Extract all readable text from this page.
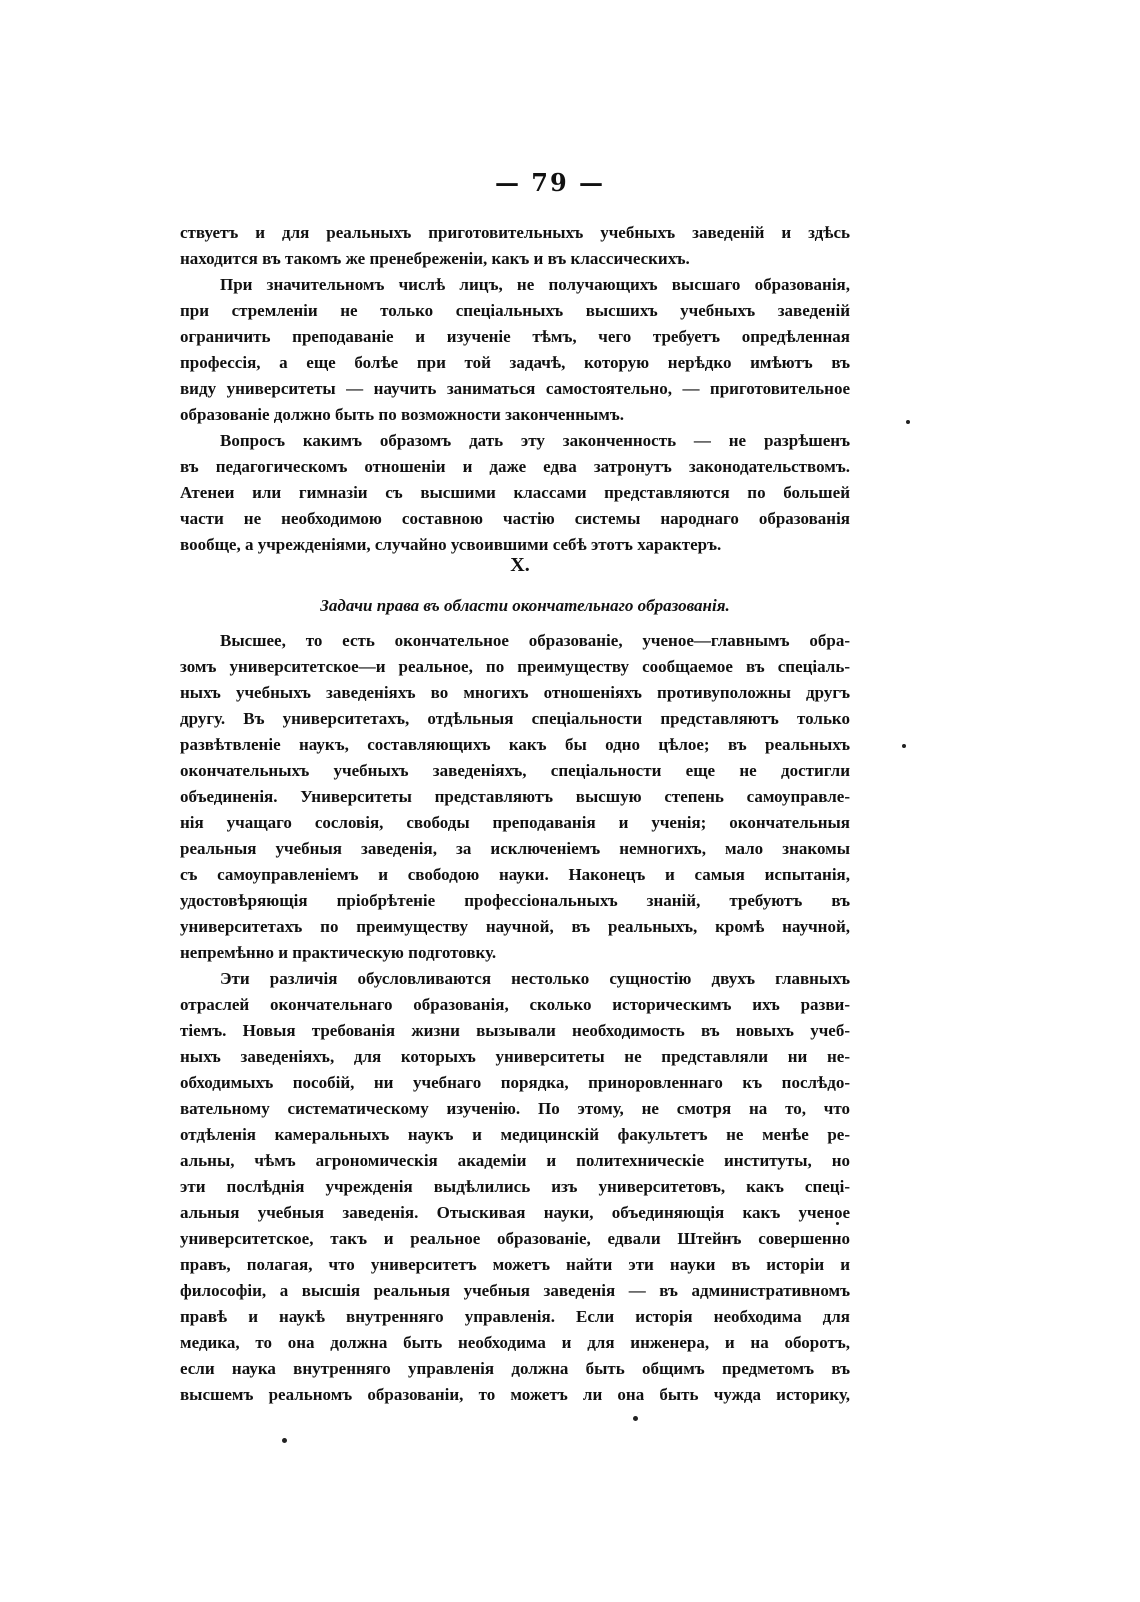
— 79 —
ствуетъ и для реальныхъ приготовительныхъ учебныхъ заведеній и здѣсь
находится въ такомъ же пренебреженіи, какъ и въ классическихъ.
При значительномъ числѣ лицъ, не получающихъ высшаго образованія,
при стремленіи не только спеціальныхъ высшихъ учебныхъ заведеній
ограничить преподаваніе и изученіе тѣмъ, чего требуетъ опредѣленная
профессія, а еще болѣе при той задачѣ, которую нерѣдко имѣютъ въ
виду университеты — научить заниматься самостоятельно, — приготовительное
образованіе должно быть по возможности законченнымъ.
Вопросъ какимъ образомъ дать эту законченность — не разрѣшенъ
въ педагогическомъ отношеніи и даже едва затронутъ законодательствомъ.
Атенеи или гимназіи съ высшими классами представляются по большей
части не необходимою составною частію системы народнаго образованія
вообще, а учрежденіями, случайно усвоившими себѣ этотъ характеръ.
X.
Задачи права въ области окончательнаго образованія.
Высшее, то есть окончательное образованіе, ученое—главнымъ обра-
зомъ университетское—и реальное, по преимуществу сообщаемое въ спеціаль-
ныхъ учебныхъ заведеніяхъ во многихъ отношеніяхъ противуположны другъ
другу. Въ университетахъ, отдѣльныя спеціальности представляютъ только
развѣтвленіе наукъ, составляющихъ какъ бы одно цѣлое; въ реальныхъ
окончательныхъ учебныхъ заведеніяхъ, спеціальности еще не достигли
объединенія. Университеты представляютъ высшую степень самоуправле-
нія учащаго сословія, свободы преподаванія и ученія; окончательныя
реальныя учебныя заведенія, за исключеніемъ немногихъ, мало знакомы
съ самоуправленіемъ и свободою науки. Наконецъ и самыя испытанія,
удостовѣряющія пріобрѣтеніе профессіональныхъ знаній, требуютъ въ
университетахъ по преимуществу научной, въ реальныхъ, кромѣ научной,
непремѣнно и практическую подготовку.
Эти различія обусловливаются нестолько сущностію двухъ главныхъ
отраслей окончательнаго образованія, сколько историческимъ ихъ разви-
тіемъ. Новыя требованія жизни вызывали необходимость въ новыхъ учеб-
ныхъ заведеніяхъ, для которыхъ университеты не представляли ни не-
обходимыхъ пособій, ни учебнаго порядка, приноровленнаго къ послѣдо-
вательному систематическому изученію. По этому, не смотря на то, что
отдѣленія камеральныхъ наукъ и медицинскій факультетъ не менѣе ре-
альны, чѣмъ агрономическія академіи и политехническіе институты, но
эти послѣднія учрежденія выдѣлились изъ университетовъ, какъ спеці-
альныя учебныя заведенія. Отыскивая науки, объединяющія какъ ученое
университетское, такъ и реальное образованіе, едвали Штейнъ совершенно
правъ, полагая, что университетъ можетъ найти эти науки въ исторіи и
философіи, а высшія реальныя учебныя заведенія — въ административномъ
правѣ и наукѣ внутренняго управленія. Если исторія необходима для
медика, то она должна быть необходима и для инженера, и на оборотъ,
если наука внутренняго управленія должна быть общимъ предметомъ въ
высшемъ реальномъ образованіи, то можетъ ли она быть чужда историку,
